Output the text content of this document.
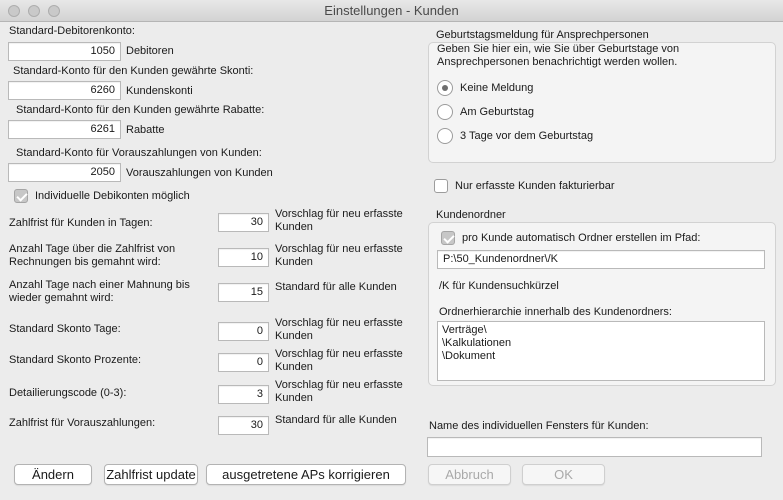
Einstellungen - Kunden
Standard-Debitorenkonto:
1050	Debitoren
Standard-Konto für den Kunden gewährte Skonti:
6260	Kundenskonti
Standard-Konto für den Kunden gewährte Rabatte:
6261	Rabatte
Standard-Konto für Vorauszahlungen von Kunden:
2050	Vorauszahlungen von Kunden
Individuelle Debikonten möglich
Zahlfrist für Kunden in Tagen:	30
Vorschlag für neu erfasste Kunden
Anzahl Tage über die Zahlfrist von Rechnungen bis gemahnt wird:	10
Vorschlag für neu erfasste Kunden
Anzahl Tage nach einer Mahnung bis wieder gemahnt wird:	15	Standard für alle Kunden
Standard Skonto Tage:	0
Vorschlag für neu erfasste Kunden
Standard Skonto Prozente:	0
Vorschlag für neu erfasste Kunden
Detailierungscode (0-3):	3
Vorschlag für neu erfasste Kunden
Zahlfrist für Vorauszahlungen:	30	Standard für alle Kunden
Ändern	Zahlfrist update	ausgetretene APs korrigieren
Geburtstagsmeldung für Ansprechpersonen
Geben Sie hier ein, wie Sie über Geburtstage von Ansprechpersonen benachrichtigt werden wollen.
Keine Meldung
Am Geburtstag
3 Tage vor dem Geburtstag
Nur erfasste Kunden fakturierbar
Kundenordner
pro Kunde automatisch Ordner erstellen im Pfad:
P:\50_Kundenordner\/K
/K für Kundensuchkürzel
Ordnerhierarchie innerhalb des Kundenordners:
Verträge\
\Kalkulationen
\Dokument
Name des individuellen Fensters für Kunden:
Abbruch	OK
